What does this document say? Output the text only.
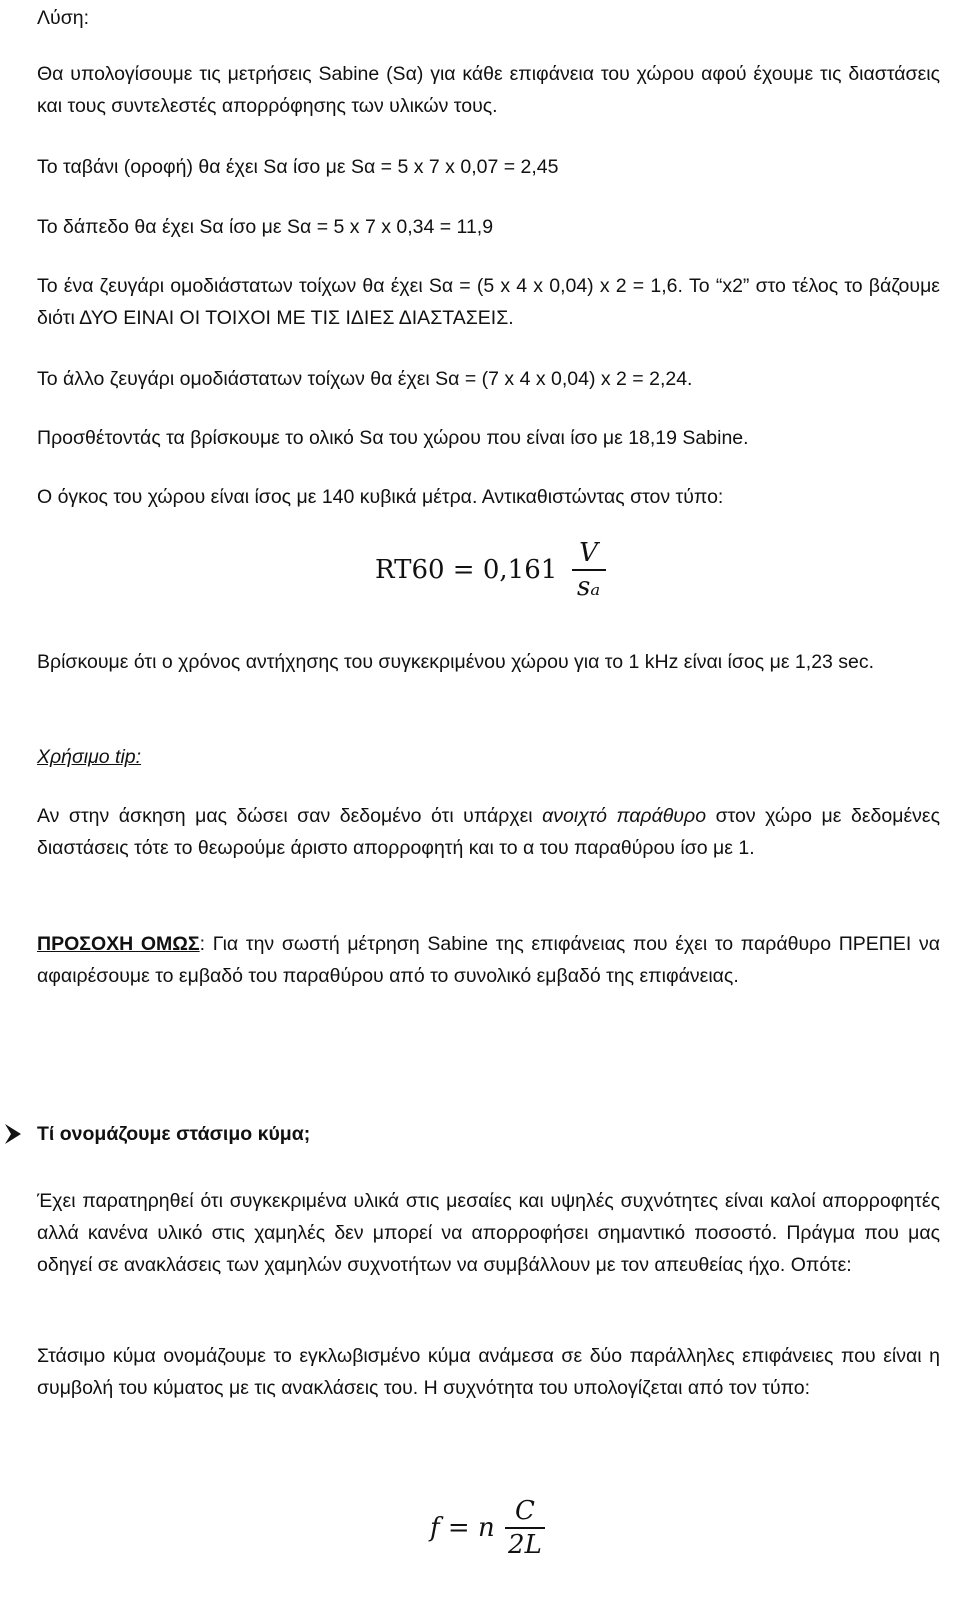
Λύση:

Θα υπολογίσουμε τις μετρήσεις Sabine (Sα) για κάθε επιφάνεια του χώρου αφού έχουμε τις διαστάσεις και τους συντελεστές απορρόφησης των υλικών τους.

Το ταβάνι (οροφή) θα έχει Sα ίσο με Sα = 5 x 7 x 0,07 = 2,45

Το δάπεδο θα έχει Sα ίσο με Sα = 5 x 7 x 0,34 = 11,9

Το ένα ζευγάρι ομοδιάστατων τοίχων θα έχει Sα = (5 x 4 x 0,04) x 2 = 1,6. Το “x2” στο τέλος το βάζουμε διότι ΔΥΟ ΕΙΝΑΙ ΟΙ ΤΟΙΧΟΙ ΜΕ ΤΙΣ ΙΔΙΕΣ ΔΙΑΣΤΑΣΕΙΣ.

Το άλλο ζευγάρι ομοδιάστατων τοίχων θα έχει Sα = (7 x 4 x 0,04) x 2 = 2,24.

Προσθέτοντάς τα βρίσκουμε το ολικό Sα του χώρου που είναι ίσο με 18,19 Sabine.

Ο όγκος του χώρου είναι ίσος με 140 κυβικά μέτρα. Αντικαθιστώντας στον τύπο:

$RT60 = 0,161 \frac{V}{\text{sₐ}}$

Βρίσκουμε ότι ο χρόνος αντήχησης του συγκεκριμένου χώρου για το 1 kHz είναι ίσος με 1,23 sec.

Χρήσιμο tip:

Αν στην άσκηση μας δώσει σαν δεδομένο ότι υπάρχει ανοιχτό παράθυρο στον χώρο με δεδομένες διαστάσεις τότε το θεωρούμε άριστο απορροφητή και το α του παραθύρου ίσο με 1.

ΠΡΟΣΟΧΗ ΟΜΩΣ: Για την σωστή μέτρηση Sabine της επιφάνειας που έχει το παράθυρο ΠΡΕΠΕΙ να αφαιρέσουμε το εμβαδό του παραθύρου από το συνολικό εμβαδό της επιφάνειας.

Τί ονομάζουμε στάσιμο κύμα;

Έχει παρατηρηθεί ότι συγκεκριμένα υλικά στις μεσαίες και υψηλές συχνότητες είναι καλοί απορροφητές αλλά κανένα υλικό στις χαμηλές δεν μπορεί να απορροφήσει σημαντικό ποσοστό. Πράγμα που μας οδηγεί σε ανακλάσεις των χαμηλών συχνοτήτων να συμβάλλουν με τον απευθείας ήχο. Οπότε:

Στάσιμο κύμα ονομάζουμε το εγκλωβισμένο κύμα ανάμεσα σε δύο παράλληλες επιφάνειες που είναι η συμβολή του κύματος με τις ανακλάσεις του. Η συχνότητα του υπολογίζεται από τον τύπο:

f = n $\frac{C}{2L}$
